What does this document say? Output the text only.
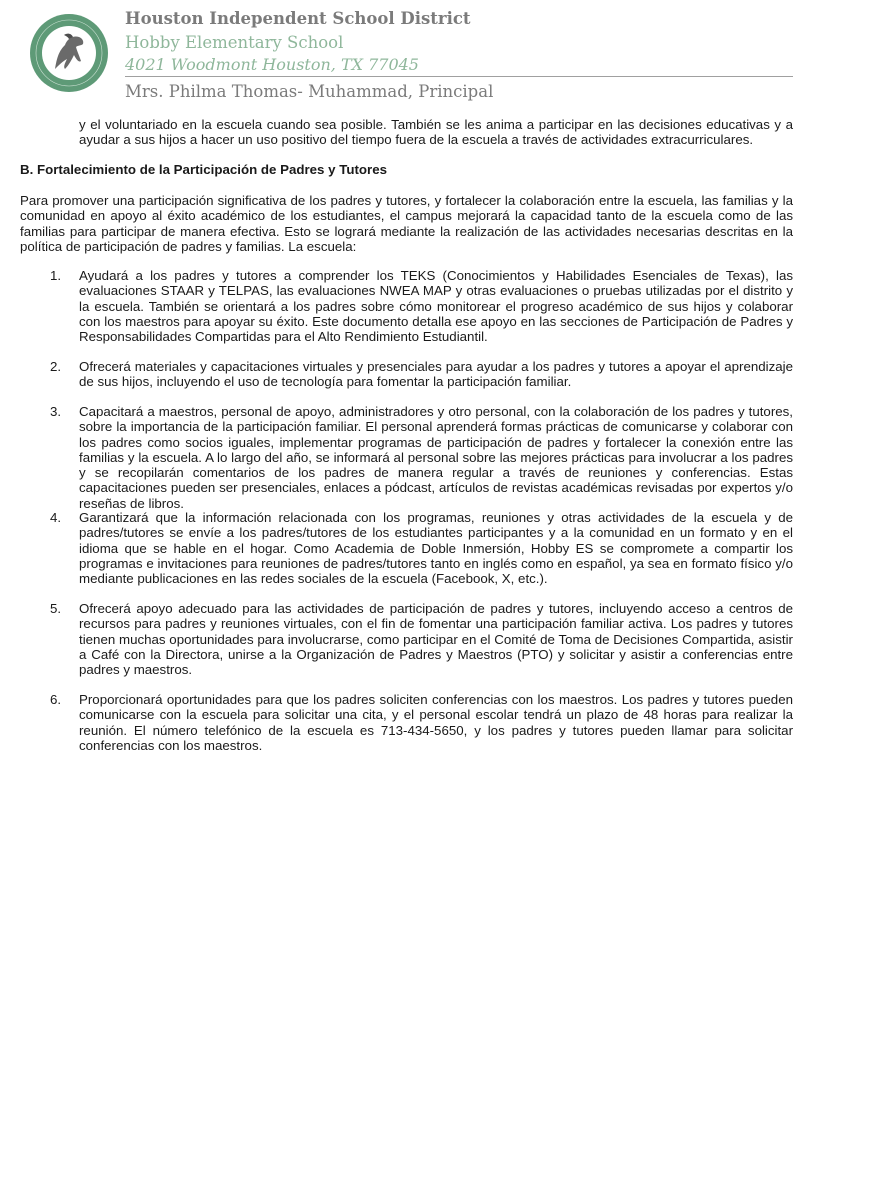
Houston Independent School District
Hobby Elementary School
4021 Woodmont Houston, TX 77045
Mrs. Philma Thomas- Muhammad, Principal
y el voluntariado en la escuela cuando sea posible. También se les anima a participar en las decisiones educativas y a ayudar a sus hijos a hacer un uso positivo del tiempo fuera de la escuela a través de actividades extracurriculares.
B. Fortalecimiento de la Participación de Padres y Tutores
Para promover una participación significativa de los padres y tutores, y fortalecer la colaboración entre la escuela, las familias y la comunidad en apoyo al éxito académico de los estudiantes, el campus mejorará la capacidad tanto de la escuela como de las familias para participar de manera efectiva. Esto se logrará mediante la realización de las actividades necesarias descritas en la política de participación de padres y familias. La escuela:
1.	Ayudará a los padres y tutores a comprender los TEKS (Conocimientos y Habilidades Esenciales de Texas), las evaluaciones STAAR y TELPAS, las evaluaciones NWEA MAP y otras evaluaciones o pruebas utilizadas por el distrito y la escuela. También se orientará a los padres sobre cómo monitorear el progreso académico de sus hijos y colaborar con los maestros para apoyar su éxito. Este documento detalla ese apoyo en las secciones de Participación de Padres y Responsabilidades Compartidas para el Alto Rendimiento Estudiantil.
2.	Ofrecerá materiales y capacitaciones virtuales y presenciales para ayudar a los padres y tutores a apoyar el aprendizaje de sus hijos, incluyendo el uso de tecnología para fomentar la participación familiar.
3.	Capacitará a maestros, personal de apoyo, administradores y otro personal, con la colaboración de los padres y tutores, sobre la importancia de la participación familiar. El personal aprenderá formas prácticas de comunicarse y colaborar con los padres como socios iguales, implementar programas de participación de padres y fortalecer la conexión entre las familias y la escuela. A lo largo del año, se informará al personal sobre las mejores prácticas para involucrar a los padres y se recopilarán comentarios de los padres de manera regular a través de reuniones y conferencias. Estas capacitaciones pueden ser presenciales, enlaces a pódcast, artículos de revistas académicas revisadas por expertos y/o reseñas de libros.
4.	Garantizará que la información relacionada con los programas, reuniones y otras actividades de la escuela y de padres/tutores se envíe a los padres/tutores de los estudiantes participantes y a la comunidad en un formato y en el idioma que se hable en el hogar. Como Academia de Doble Inmersión, Hobby ES se compromete a compartir los programas e invitaciones para reuniones de padres/tutores tanto en inglés como en español, ya sea en formato físico y/o mediante publicaciones en las redes sociales de la escuela (Facebook, X, etc.).
5.	Ofrecerá apoyo adecuado para las actividades de participación de padres y tutores, incluyendo acceso a centros de recursos para padres y reuniones virtuales, con el fin de fomentar una participación familiar activa. Los padres y tutores tienen muchas oportunidades para involucrarse, como participar en el Comité de Toma de Decisiones Compartida, asistir a Café con la Directora, unirse a la Organización de Padres y Maestros (PTO) y solicitar y asistir a conferencias entre padres y maestros.
6.	Proporcionará oportunidades para que los padres soliciten conferencias con los maestros. Los padres y tutores pueden comunicarse con la escuela para solicitar una cita, y el personal escolar tendrá un plazo de 48 horas para realizar la reunión. El número telefónico de la escuela es 713-434-5650, y los padres y tutores pueden llamar para solicitar conferencias con los maestros.
